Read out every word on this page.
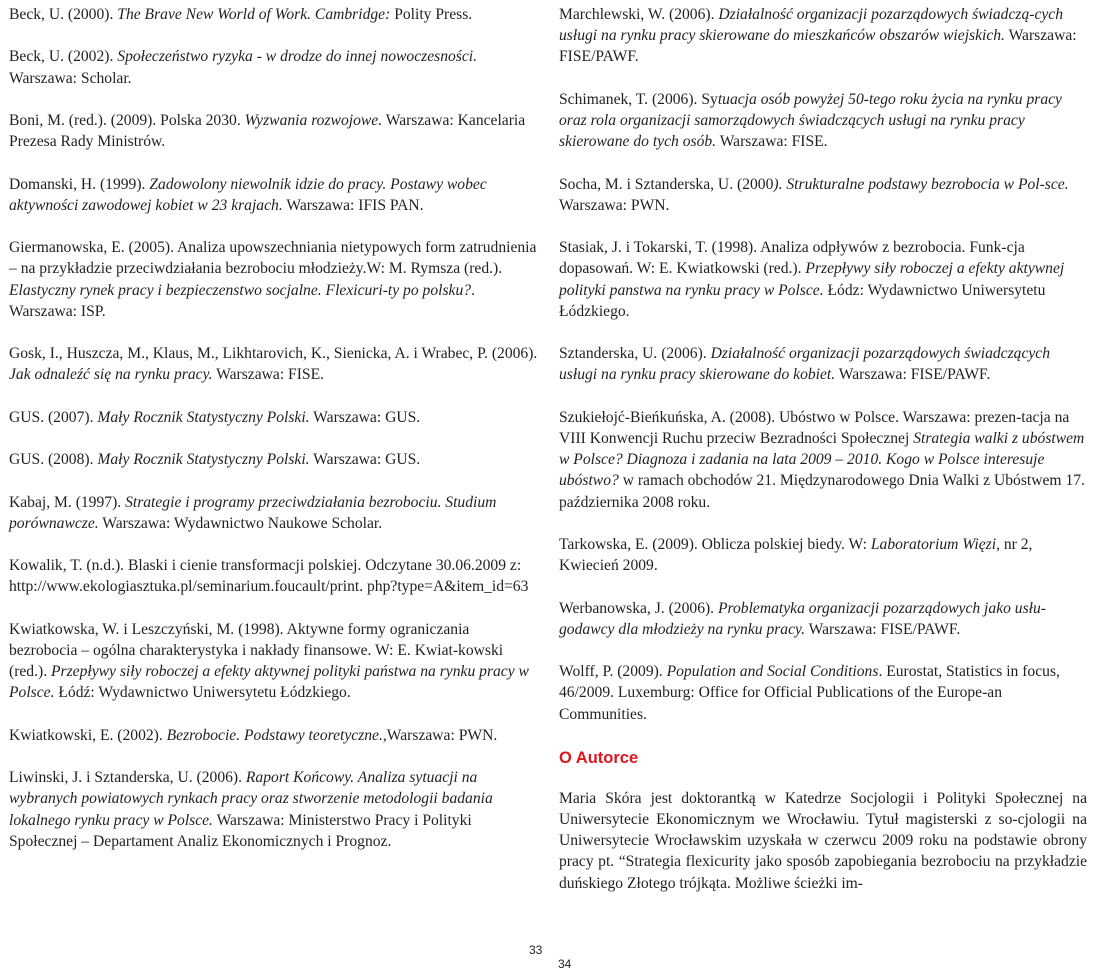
Beck, U. (2000). The Brave New World of Work. Cambridge: Polity Press.

Beck, U. (2002). Społeczeństwo ryzyka - w drodze do innej nowoczesności. Warszawa: Scholar.

Boni, M. (red.). (2009). Polska 2030. Wyzwania rozwojowe. Warszawa: Kancelaria Prezesa Rady Ministrów.

Domanski, H. (1999). Zadowolony niewolnik idzie do pracy. Postawy wobec aktywności zawodowej kobiet w 23 krajach. Warszawa: IFIS PAN.

Giermanowska, E. (2005). Analiza upowszechniania nietypowych form zatrudnienia – na przykładzie przeciwdziałania bezrobociu młodzieży.W: M. Rymsza (red.). Elastyczny rynek pracy i bezpieczenstwo socjalne. Flexicuri-ty po polsku?. Warszawa: ISP.

Gosk, I., Huszcza, M., Klaus, M., Likhtarovich, K., Sienicka, A. i Wrabec, P. (2006). Jak odnaleźć się na rynku pracy. Warszawa: FISE.

GUS. (2007). Mały Rocznik Statystyczny Polski. Warszawa: GUS.

GUS. (2008). Mały Rocznik Statystyczny Polski. Warszawa: GUS.

Kabaj, M. (1997). Strategie i programy przeciwdziałania bezrobociu. Studium porównawcze. Warszawa: Wydawnictwo Naukowe Scholar.

Kowalik, T. (n.d.). Blaski i cienie transformacji polskiej. Odczytane 30.06.2009 z: http://www.ekologiasztuka.pl/seminarium.foucault/print. php?type=A&item_id=63

Kwiatkowska, W. i Leszczyński, M. (1998). Aktywne formy ograniczania bezrobocia – ogólna charakterystyka i nakłady finansowe. W: E. Kwiat-kowski (red.). Przepływy siły roboczej a efekty aktywnej polityki państwa na rynku pracy w Polsce. Łódź: Wydawnictwo Uniwersytetu Łódzkiego.

Kwiatkowski, E. (2002). Bezrobocie. Podstawy teoretyczne.,Warszawa: PWN.

Liwinski, J. i Sztanderska, U. (2006). Raport Końcowy. Analiza sytuacji na wybranych powiatowych rynkach pracy oraz stworzenie metodologii badania lokalnego rynku pracy w Polsce. Warszawa: Ministerstwo Pracy i Polityki Społecznej – Departament Analiz Ekonomicznych i Prognoz.

Marchlewski, W. (2006). Działalność organizacji pozarządowych świadczą-cych usługi na rynku pracy skierowane do mieszkańców obszarów wiejskich. Warszawa: FISE/PAWF.

Schimanek, T. (2006). Sytuacja osób powyżej 50-tego roku życia na rynku pracy oraz rola organizacji samorządowych świadczących usługi na rynku pracy skierowane do tych osób. Warszawa: FISE.

Socha, M. i Sztanderska, U. (2000). Strukturalne podstawy bezrobocia w Pol-sce. Warszawa: PWN.

Stasiak, J. i Tokarski, T. (1998). Analiza odpływów z bezrobocia. Funk-cja dopasowań. W: E. Kwiatkowski (red.). Przepływy siły roboczej a efekty aktywnej polityki panstwa na rynku pracy w Polsce. Łódz: Wydawnictwo Uniwersytetu Łódzkiego.

Sztanderska, U. (2006). Działalność organizacji pozarządowych świadczących usługi na rynku pracy skierowane do kobiet. Warszawa: FISE/PAWF.

Szukiełojć-Bieńkuńska, A. (2008). Ubóstwo w Polsce. Warszawa: prezen-tacja na VIII Konwencji Ruchu przeciw Bezradności Społecznej Strategia walki z ubóstwem w Polsce? Diagnoza i zadania na lata 2009 – 2010. Kogo w Polsce interesuje ubóstwo? w ramach obchodów 21. Międzynarodowego Dnia Walki z Ubóstwem 17. października 2008 roku.

Tarkowska, E. (2009). Oblicza polskiej biedy. W: Laboratorium Więzi, nr 2, Kwiecień 2009.

Werbanowska, J. (2006). Problematyka organizacji pozarządowych jako usłu-godawcy dla młodzieży na rynku pracy. Warszawa: FISE/PAWF.

Wolff, P. (2009). Population and Social Conditions. Eurostat, Statistics in focus, 46/2009. Luxemburg: Office for Official Publications of the Europe-an Communities.

O Autorce

Maria Skóra jest doktorantką w Katedrze Socjologii i Polityki Społecznej na Uniwersytecie Ekonomicznym we Wrocławiu. Tytuł magisterski z so-cjologii na Uniwersytecie Wrocławskim uzyskała w czerwcu 2009 roku na podstawie obrony pracy pt. “Strategia flexicurity jako sposób zapobiegania bezrobociu na przykładzie duńskiego Złotego trójkąta. Możliwe ścieżki im-

33
34
